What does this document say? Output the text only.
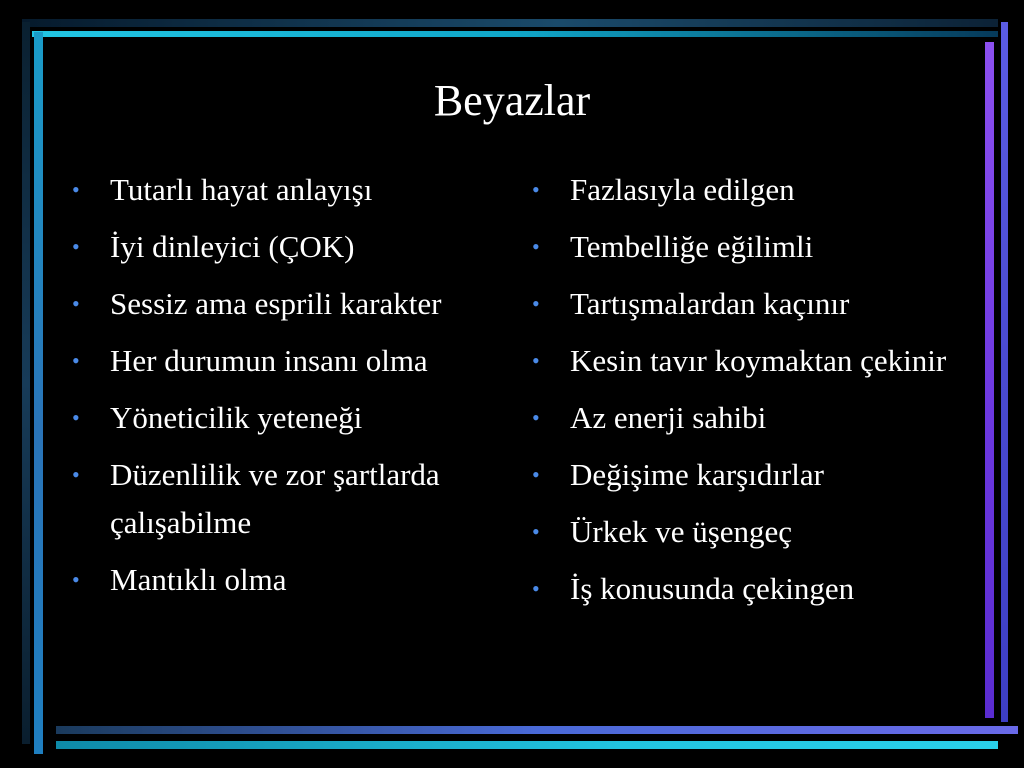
Beyazlar
• Tutarlı hayat anlayışı
• İyi dinleyici (ÇOK)
• Sessiz ama esprili karakter
• Her durumun insanı olma
• Yöneticilik yeteneği
• Düzenlilik ve zor şartlarda çalışabilme
• Mantıklı olma
• Fazlasıyla edilgen
• Tembelliğe eğilimli
• Tartışmalardan kaçınır
• Kesin tavır koymaktan çekinir
• Az enerji sahibi
• Değişime karşıdırlar
• Ürkek ve üşengeç
• İş konusunda çekingen
